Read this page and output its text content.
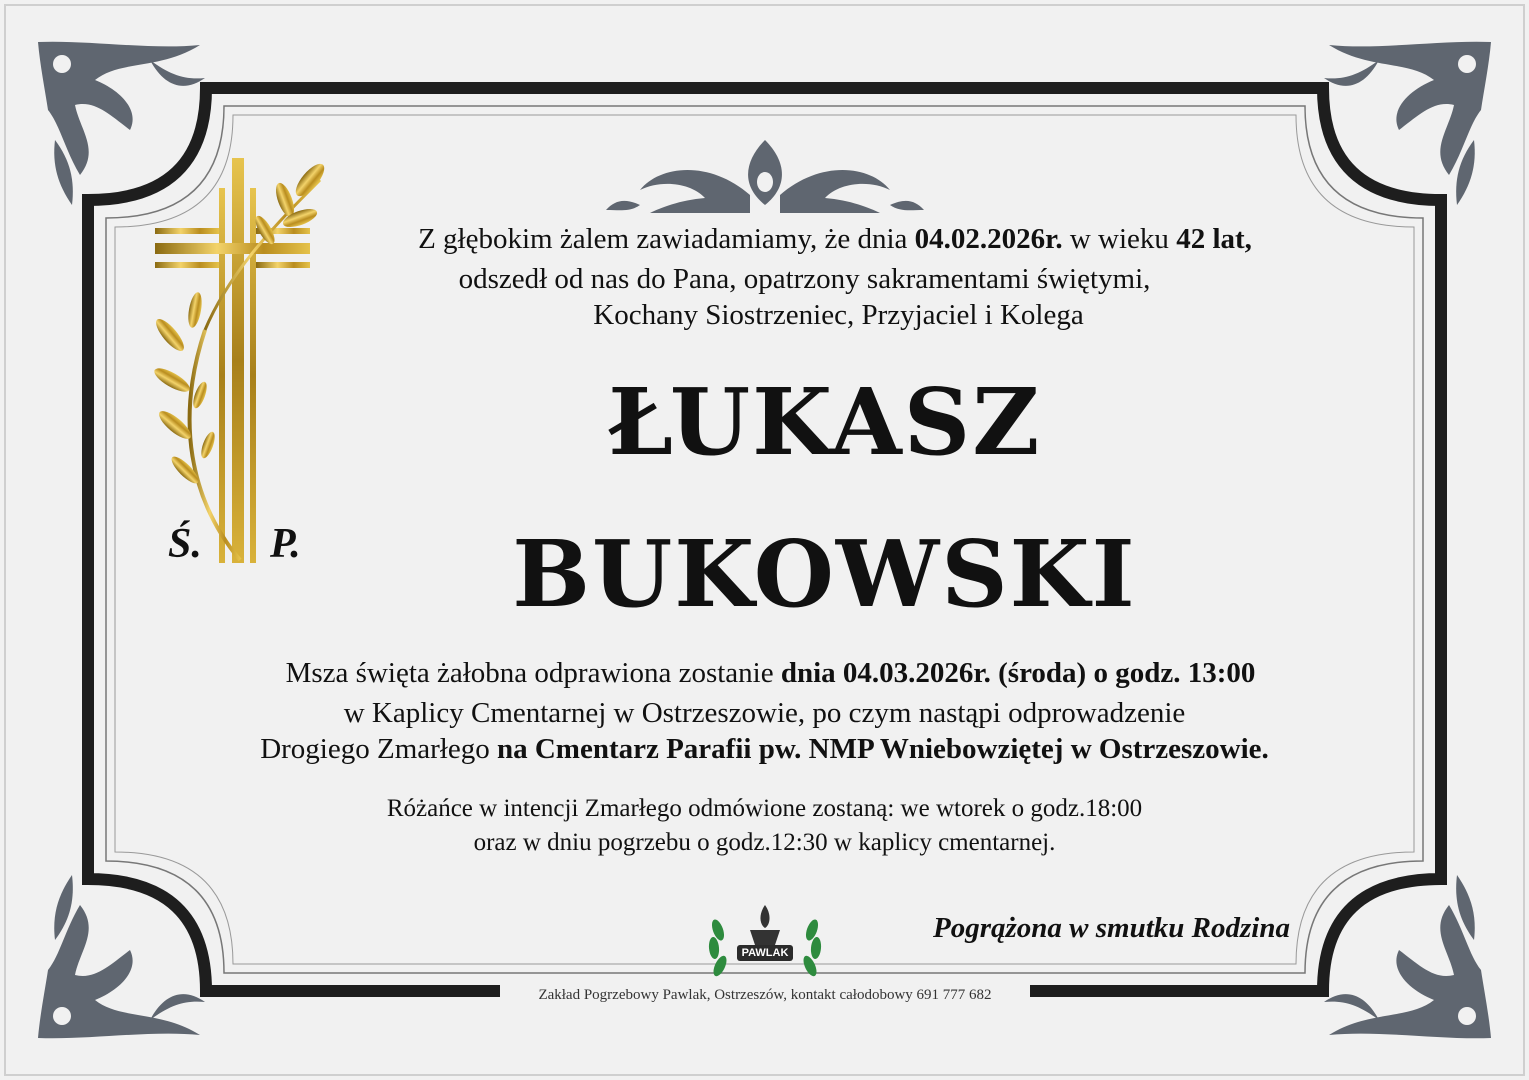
Z głębokim żalem zawiadamiamy, że dnia 04.02.2026r. w wieku 42 lat,
odszedł od nas do Pana, opatrzony sakramentami świętymi,
Kochany Siostrzeniec, Przyjaciel i Kolega
ŁUKASZ
BUKOWSKI
Ś. P.
Msza święta żałobna odprawiona zostanie dnia 04.03.2026r. (środa) o godz. 13:00
w Kaplicy Cmentarnej w Ostrzeszowie, po czym nastąpi odprowadzenie
Drogiego Zmarłego na Cmentarz Parafii pw. NMP Wniebowziętej w Ostrzeszowie.
Różańce w intencji Zmarłego odmówione zostaną: we wtorek o godz.18:00
oraz w dniu pogrzebu o godz.12:30 w kaplicy cmentarnej.
Pogrążona w smutku Rodzina
PAWLAK
Zakład Pogrzebowy Pawlak, Ostrzeszów, kontakt całodobowy 691 777 682
